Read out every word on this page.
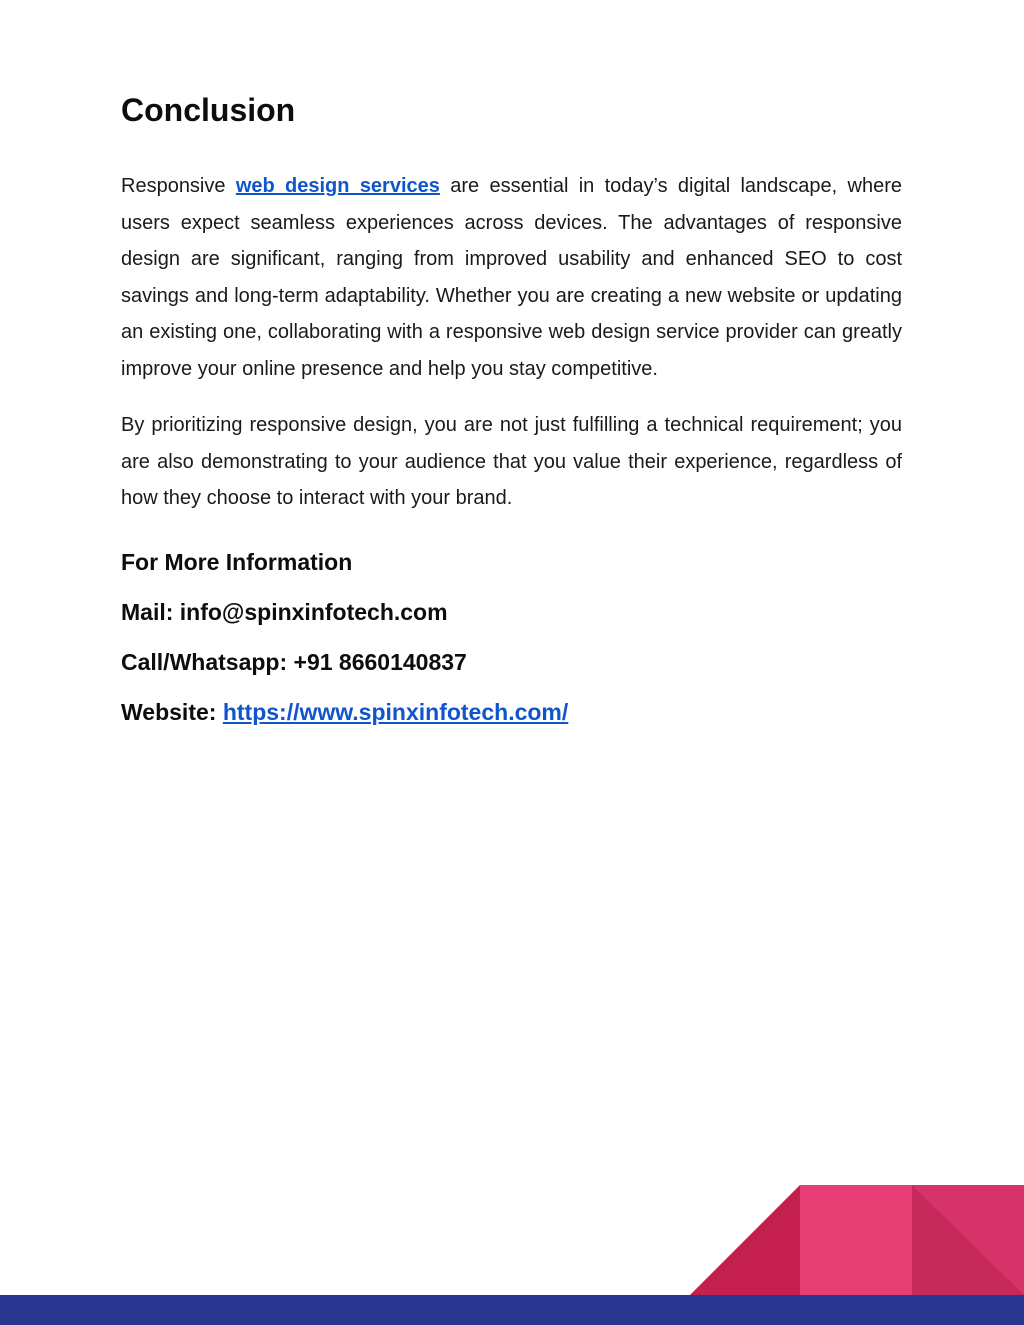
Conclusion

Responsive web design services are essential in today’s digital landscape, where users expect seamless experiences across devices. The advantages of responsive design are significant, ranging from improved usability and enhanced SEO to cost savings and long-term adaptability. Whether you are creating a new website or updating an existing one, collaborating with a responsive web design service provider can greatly improve your online presence and help you stay competitive.

By prioritizing responsive design, you are not just fulfilling a technical requirement; you are also demonstrating to your audience that you value their experience, regardless of how they choose to interact with your brand.

For More Information

Mail: info@spinxinfotech.com

Call/Whatsapp: +91 8660140837

Website: https://www.spinxinfotech.com/
